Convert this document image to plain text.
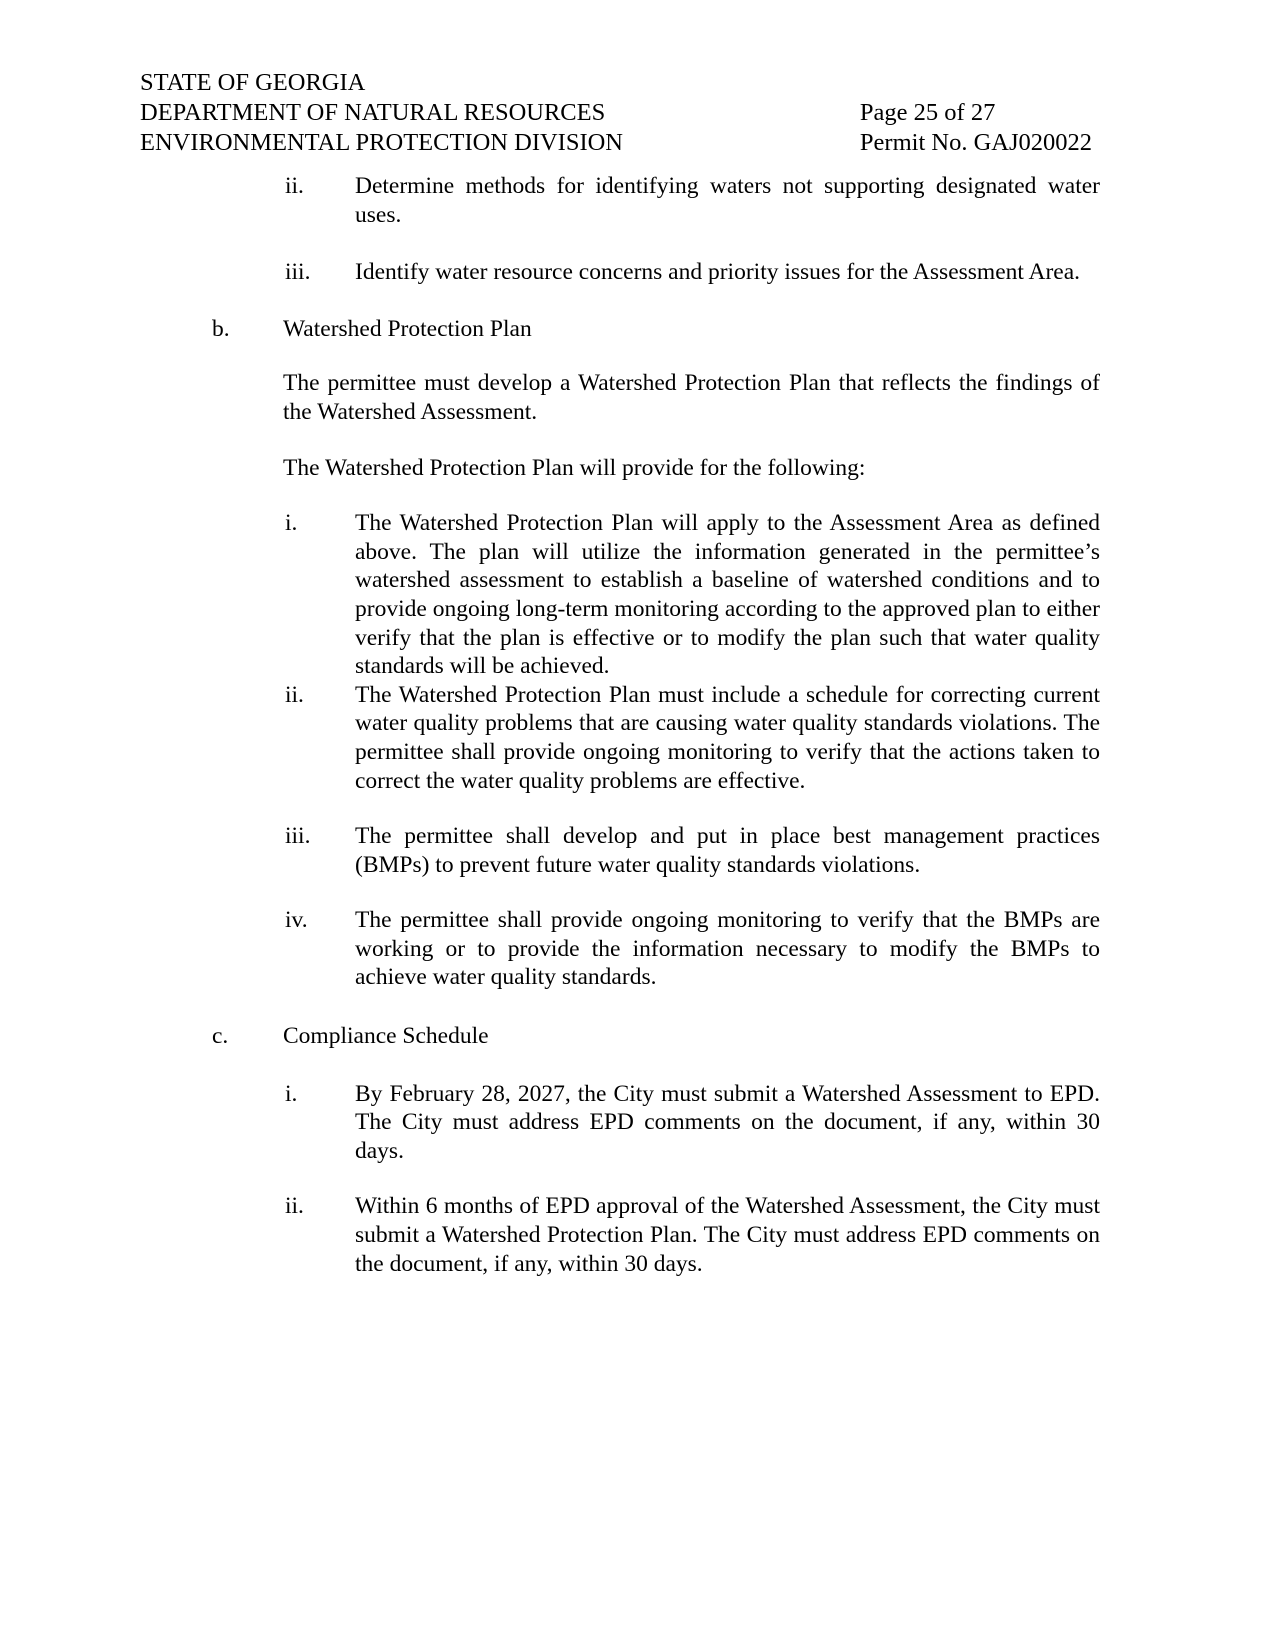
STATE OF GEORGIA
DEPARTMENT OF NATURAL RESOURCES
ENVIRONMENTAL PROTECTION DIVISION
Page 25 of 27
Permit No. GAJ020022
ii.	Determine methods for identifying waters not supporting designated water uses.
iii.	Identify water resource concerns and priority issues for the Assessment Area.
b.	Watershed Protection Plan
The permittee must develop a Watershed Protection Plan that reflects the findings of the Watershed Assessment.
The Watershed Protection Plan will provide for the following:
i.	The Watershed Protection Plan will apply to the Assessment Area as defined above. The plan will utilize the information generated in the permittee’s watershed assessment to establish a baseline of watershed conditions and to provide ongoing long-term monitoring according to the approved plan to either verify that the plan is effective or to modify the plan such that water quality standards will be achieved.
ii.	The Watershed Protection Plan must include a schedule for correcting current water quality problems that are causing water quality standards violations. The permittee shall provide ongoing monitoring to verify that the actions taken to correct the water quality problems are effective.
iii.	The permittee shall develop and put in place best management practices (BMPs) to prevent future water quality standards violations.
iv.	The permittee shall provide ongoing monitoring to verify that the BMPs are working or to provide the information necessary to modify the BMPs to achieve water quality standards.
c.	Compliance Schedule
i.	By February 28, 2027, the City must submit a Watershed Assessment to EPD. The City must address EPD comments on the document, if any, within 30 days.
ii.	Within 6 months of EPD approval of the Watershed Assessment, the City must submit a Watershed Protection Plan. The City must address EPD comments on the document, if any, within 30 days.
